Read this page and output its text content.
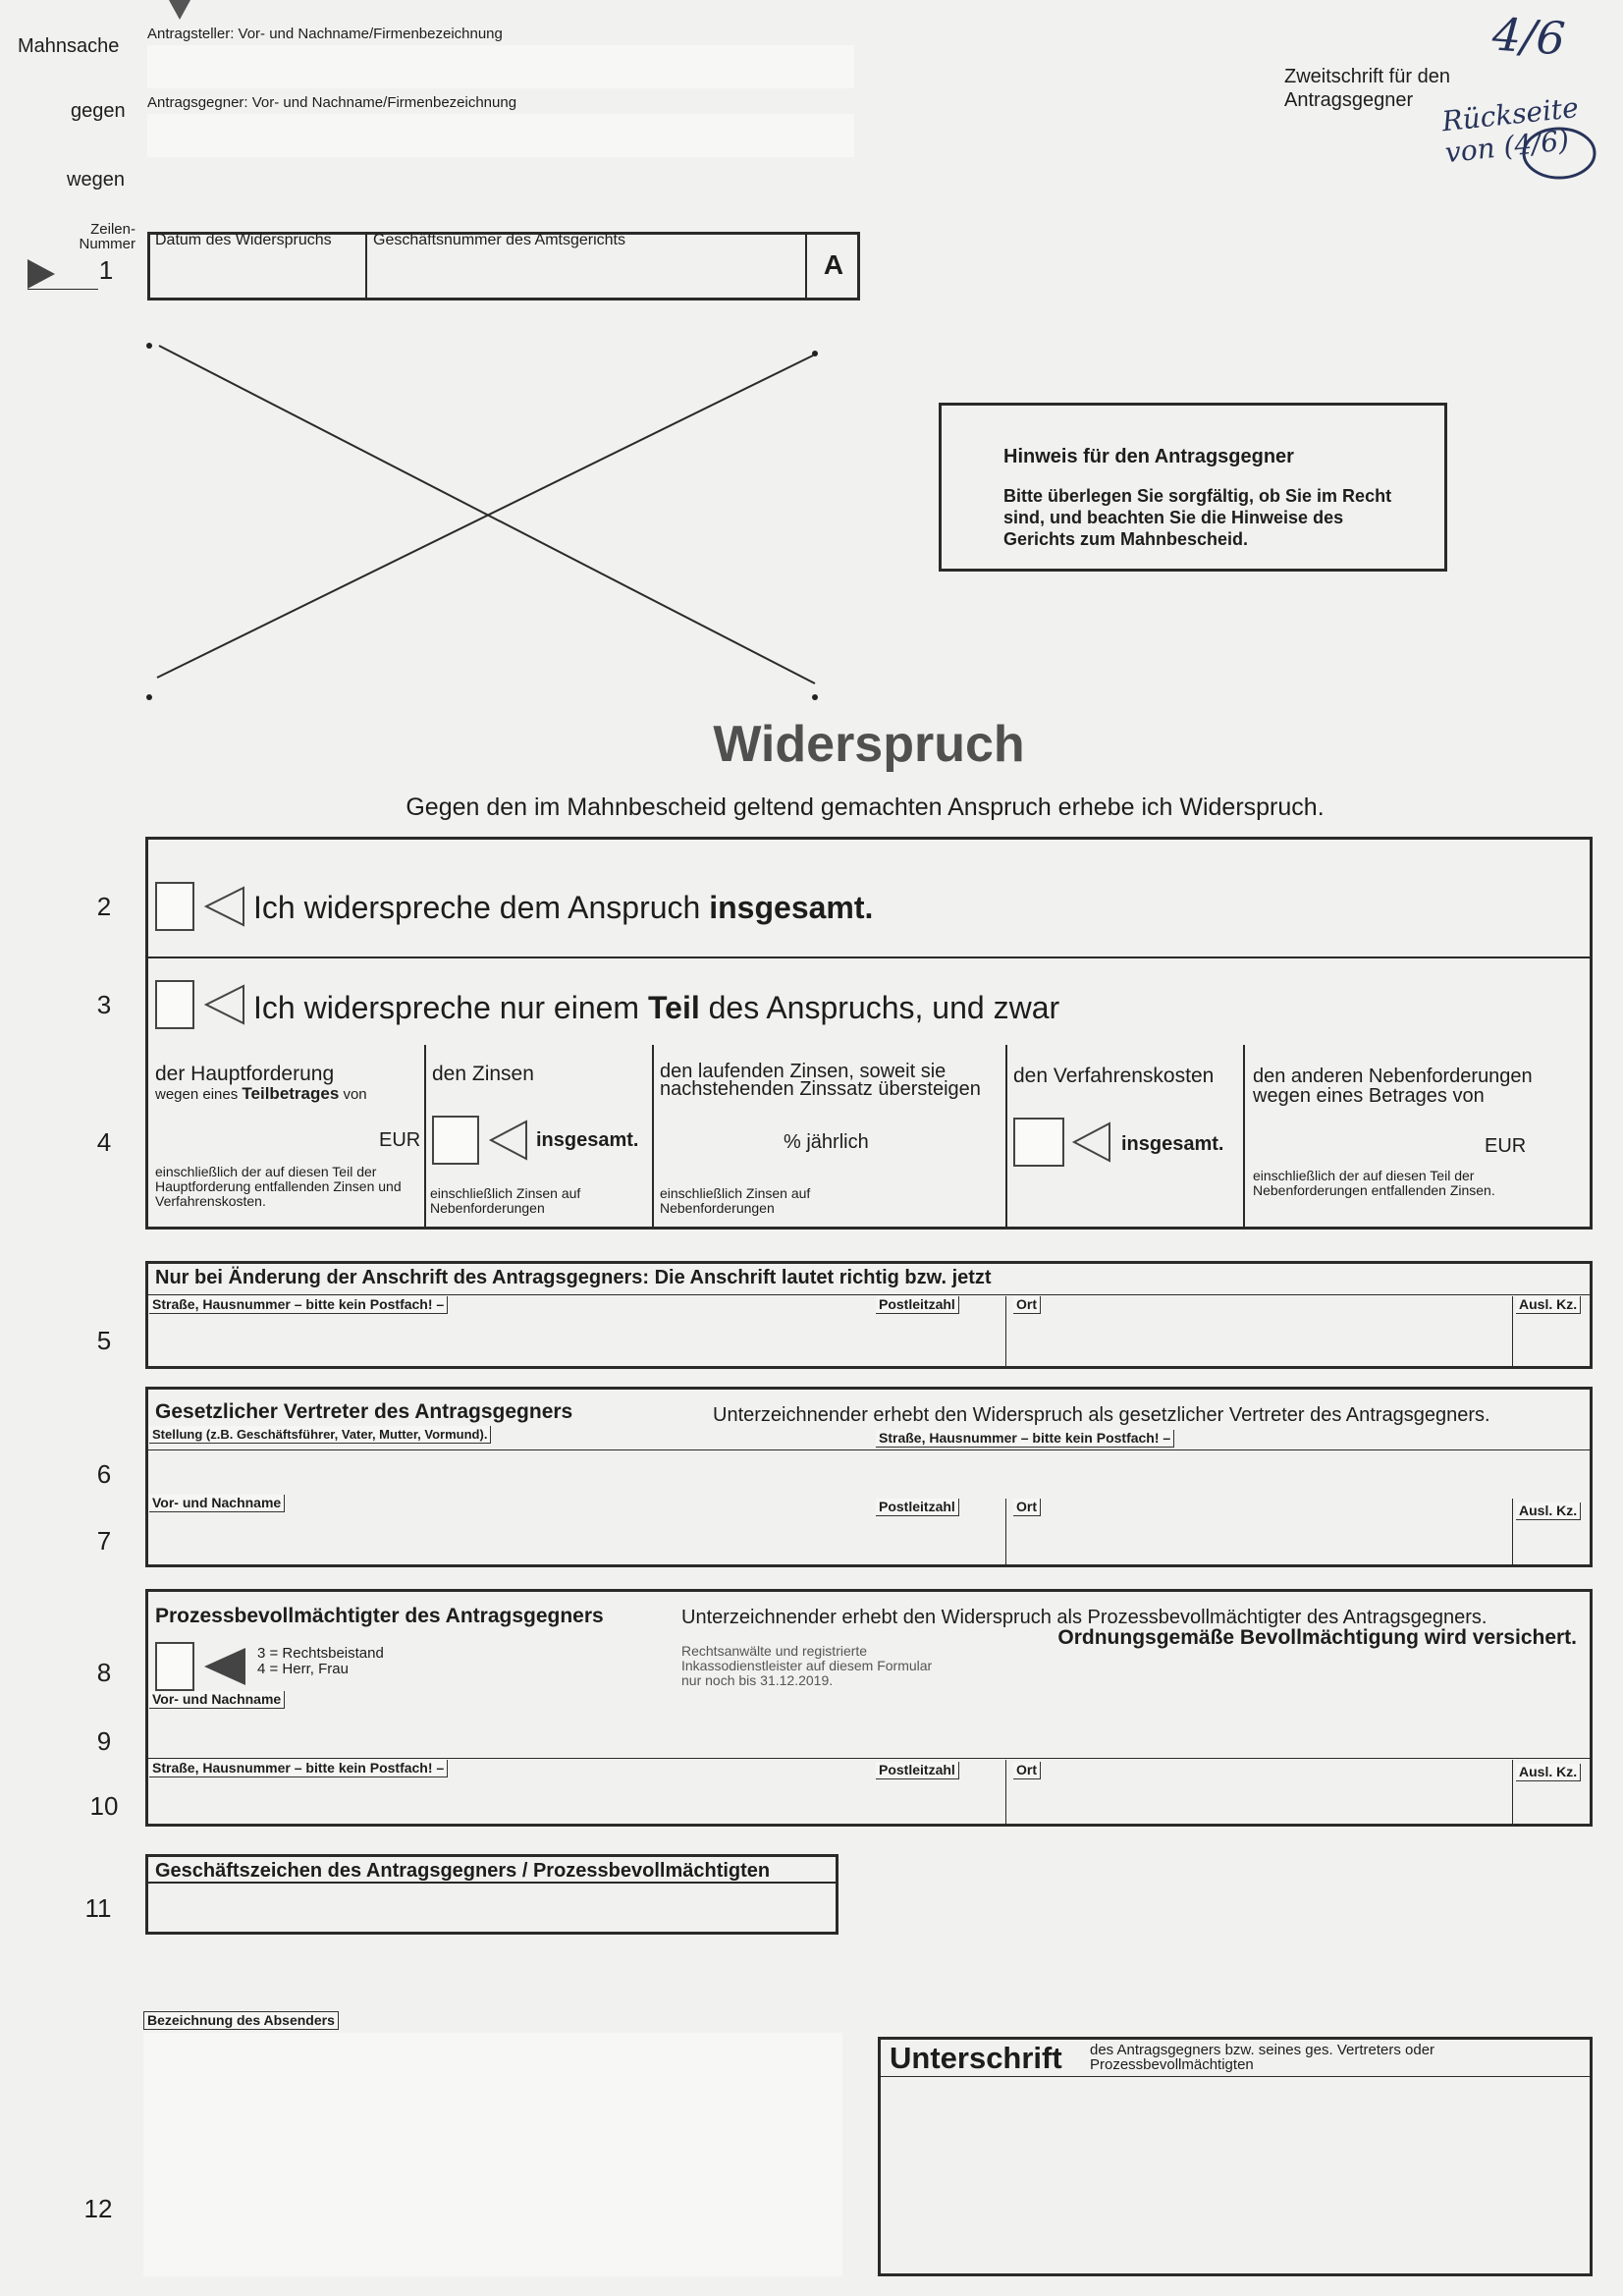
Mahnsache
gegen
wegen
Antragsteller: Vor- und Nachname/Firmenbezeichnung
Antragsgegner: Vor- und Nachname/Firmenbezeichnung
Zweitschrift für den Antragsgegner
4/6
Rückseite von (4/6)
Zeilen-Nummer
1
Datum des Widerspruchs	Geschäftsnummer des Amtsgerichts
A
Hinweis für den Antragsgegner
Bitte überlegen Sie sorgfältig, ob Sie im Recht sind, und beachten Sie die Hinweise des Gerichts zum Mahnbescheid.
Widerspruch
Gegen den im Mahnbescheid geltend gemachten Anspruch erhebe ich Widerspruch.
2	Ich widerspreche dem Anspruch insgesamt.
3	Ich widerspreche nur einem Teil des Anspruchs, und zwar
4
der Hauptforderung
wegen eines Teilbetrages von
EUR
einschließlich der auf diesen Teil der Hauptforderung entfallenden Zinsen und Verfahrenskosten.
den Zinsen
insgesamt.
einschließlich Zinsen auf Nebenforderungen
den laufenden Zinsen, soweit sie nachstehenden Zinssatz übersteigen
% jährlich
einschließlich Zinsen auf Nebenforderungen
den Verfahrenskosten
insgesamt.
den anderen Nebenforderungen wegen eines Betrages von
EUR
einschließlich der auf diesen Teil der Nebenforderungen entfallenden Zinsen.
5
Nur bei Änderung der Anschrift des Antragsgegners: Die Anschrift lautet richtig bzw. jetzt
Straße, Hausnummer – bitte kein Postfach! –	Postleitzahl	Ort	Ausl. Kz.
6
7
Gesetzlicher Vertreter des Antragsgegners	Unterzeichnender erhebt den Widerspruch als gesetzlicher Vertreter des Antragsgegners.
Stellung (z.B. Geschäftsführer, Vater, Mutter, Vormund).	Straße, Hausnummer – bitte kein Postfach! –
Vor- und Nachname	Postleitzahl	Ort	Ausl. Kz.
8
9
10
Prozessbevollmächtigter des Antragsgegners	Unterzeichnender erhebt den Widerspruch als Prozessbevollmächtigter des Antragsgegners.
Ordnungsgemäße Bevollmächtigung wird versichert.
3 = Rechtsbeistand
4 = Herr, Frau
Rechtsanwälte und registrierte Inkassodienstleister auf diesem Formular nur noch bis 31.12.2019.
Vor- und Nachname
Straße, Hausnummer – bitte kein Postfach! –	Postleitzahl	Ort	Ausl. Kz.
11
Geschäftszeichen des Antragsgegners / Prozessbevollmächtigten
12
Bezeichnung des Absenders
Unterschrift des Antragsgegners bzw. seines ges. Vertreters oder Prozessbevollmächtigten
